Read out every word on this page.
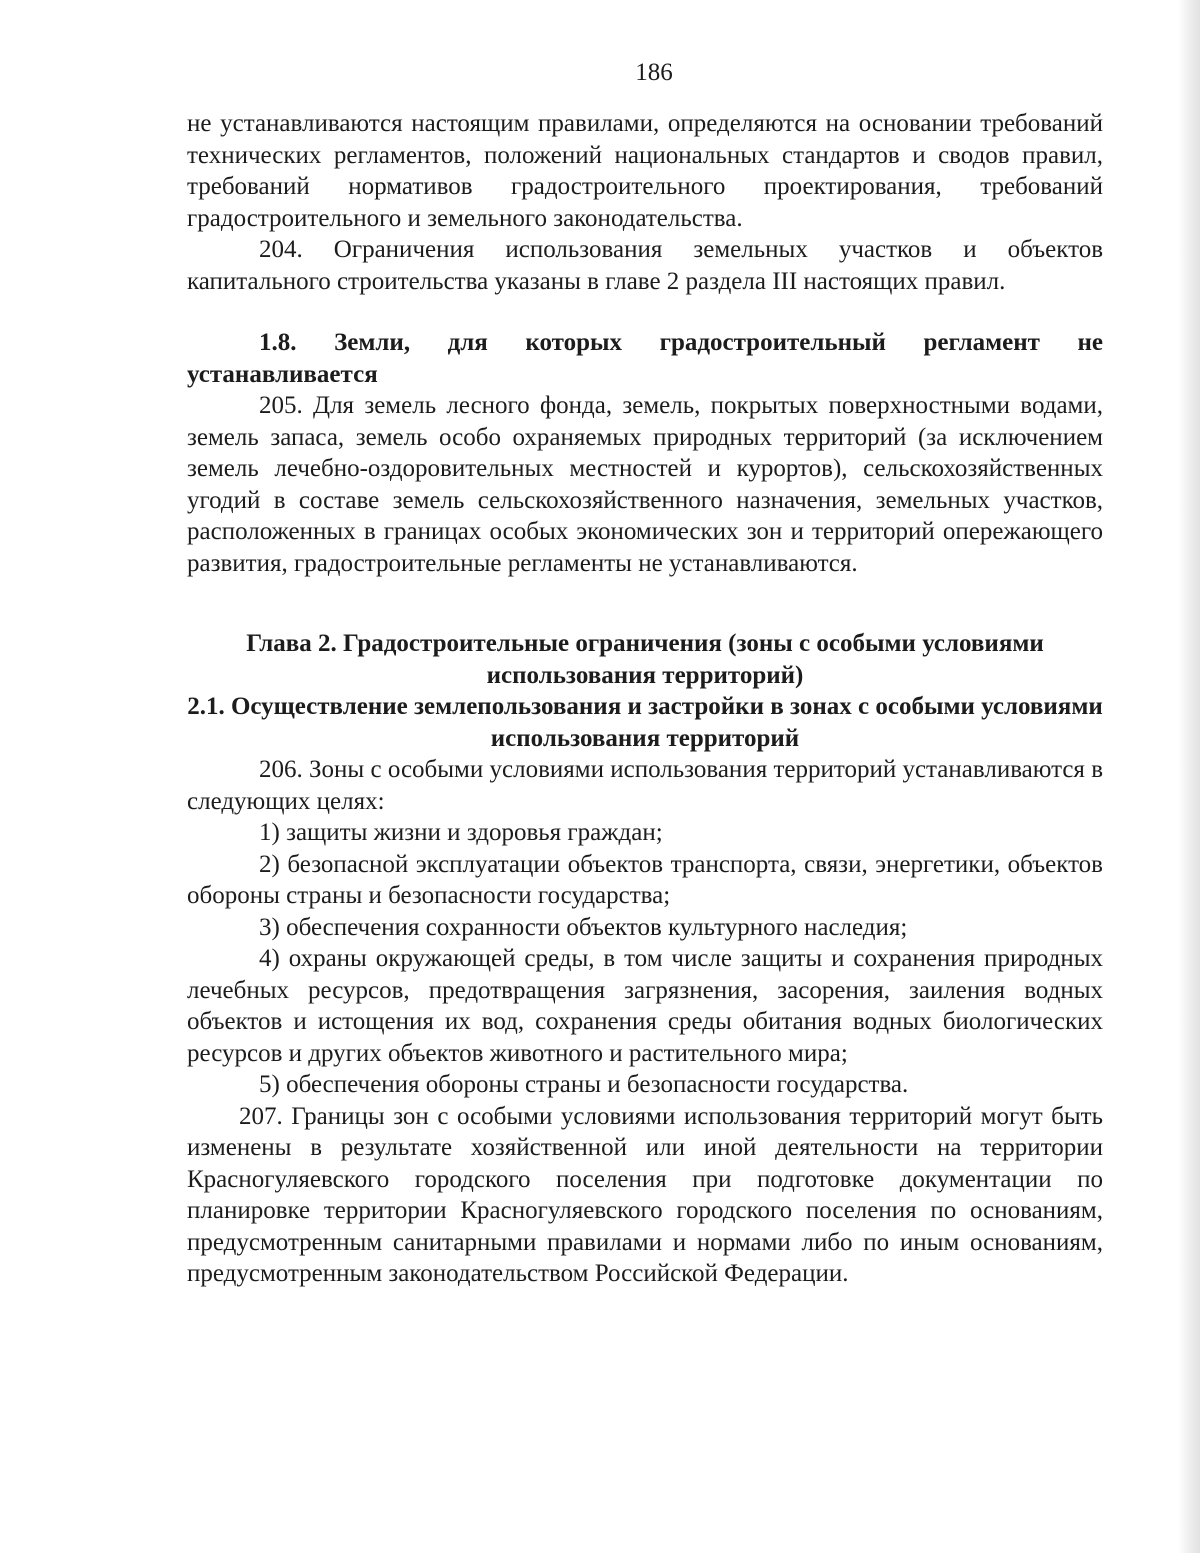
186

не устанавливаются настоящим правилами, определяются на основании требований технических регламентов, положений национальных стандартов и сводов правил, требований нормативов градостроительного проектирования, требований градостроительного и земельного законодательства.

204. Ограничения использования земельных участков и объектов капитального строительства указаны в главе 2 раздела III настоящих правил.

1.8. Земли, для которых градостроительный регламент не устанавливается

205. Для земель лесного фонда, земель, покрытых поверхностными водами, земель запаса, земель особо охраняемых природных территорий (за исключением земель лечебно-оздоровительных местностей и курортов), сельскохозяйственных угодий в составе земель сельскохозяйственного назначения, земельных участков, расположенных в границах особых экономических зон и территорий опережающего развития, градостроительные регламенты не устанавливаются.

Глава 2. Градостроительные ограничения (зоны с особыми условиями использования территорий)

2.1. Осуществление землепользования и застройки в зонах с особыми условиями использования территорий

206. Зоны с особыми условиями использования территорий устанавливаются в следующих целях:

1) защиты жизни и здоровья граждан;

2) безопасной эксплуатации объектов транспорта, связи, энергетики, объектов обороны страны и безопасности государства;

3) обеспечения сохранности объектов культурного наследия;

4) охраны окружающей среды, в том числе защиты и сохранения природных лечебных ресурсов, предотвращения загрязнения, засорения, заиления водных объектов и истощения их вод, сохранения среды обитания водных биологических ресурсов и других объектов животного и растительного мира;

5) обеспечения обороны страны и безопасности государства.

207. Границы зон с особыми условиями использования территорий могут быть изменены в результате хозяйственной или иной деятельности на территории Красногуляевского городского поселения при подготовке документации по планировке территории Красногуляевского городского поселения по основаниям, предусмотренным санитарными правилами и нормами либо по иным основаниям, предусмотренным законодательством Российской Федерации.
